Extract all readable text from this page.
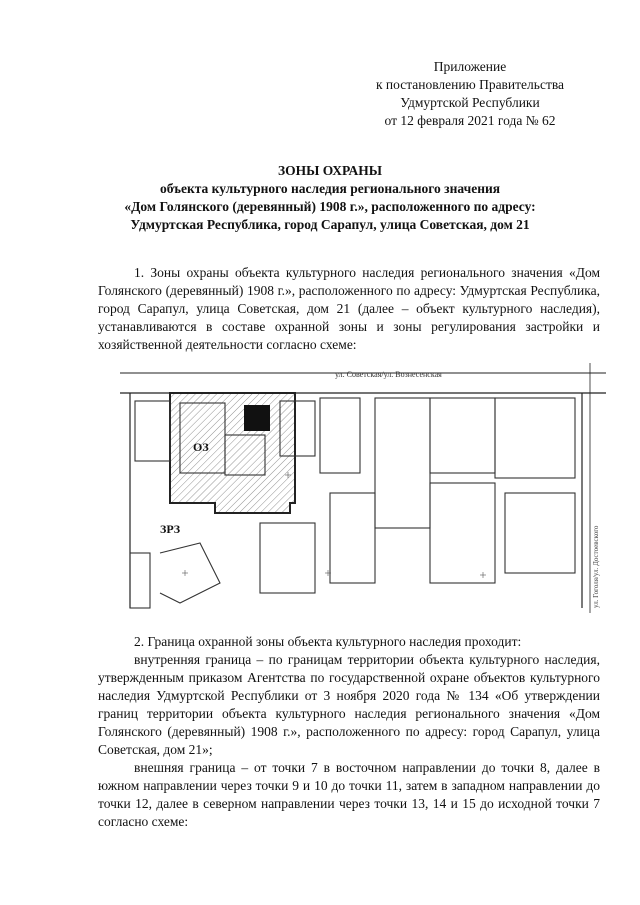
Приложение
к постановлению Правительства
Удмуртской Республики
от 12 февраля 2021 года № 62
ЗОНЫ ОХРАНЫ
объекта культурного наследия регионального значения
«Дом Голянского (деревянный) 1908 г.», расположенного по адресу:
Удмуртская Республика, город Сарапул, улица Советская, дом 21

1. Зоны охраны объекта культурного наследия регионального значения «Дом Голянского (деревянный) 1908 г.», расположенного по адресу: Удмуртская Республика, город Сарапул, улица Советская, дом 21 (далее – объект культурного наследия), устанавливаются в составе охранной зоны и зоны регулирования застройки и хозяйственной деятельности согласно схеме:

ул. Советская/ул. Вознесенская
ОЗ
ЗРЗ	ул. Гоголя/ул. Достоевского

2. Граница охранной зоны объекта культурного наследия проходит:

внутренняя граница – по границам территории объекта культурного наследия, утвержденным приказом Агентства по государственной охране объектов культурного наследия Удмуртской Республики от 3 ноября 2020 года № 134 «Об утверждении границ территории объекта культурного наследия регионального значения «Дом Голянского (деревянный) 1908 г.», расположенного по адресу: город Сарапул, улица Советская, дом 21»;

внешняя граница – от точки 7 в восточном направлении до точки 8, далее в южном направлении через точки 9 и 10 до точки 11, затем в западном направлении до точки 12, далее в северном направлении через точки 13, 14 и 15 до исходной точки 7 согласно схеме:
